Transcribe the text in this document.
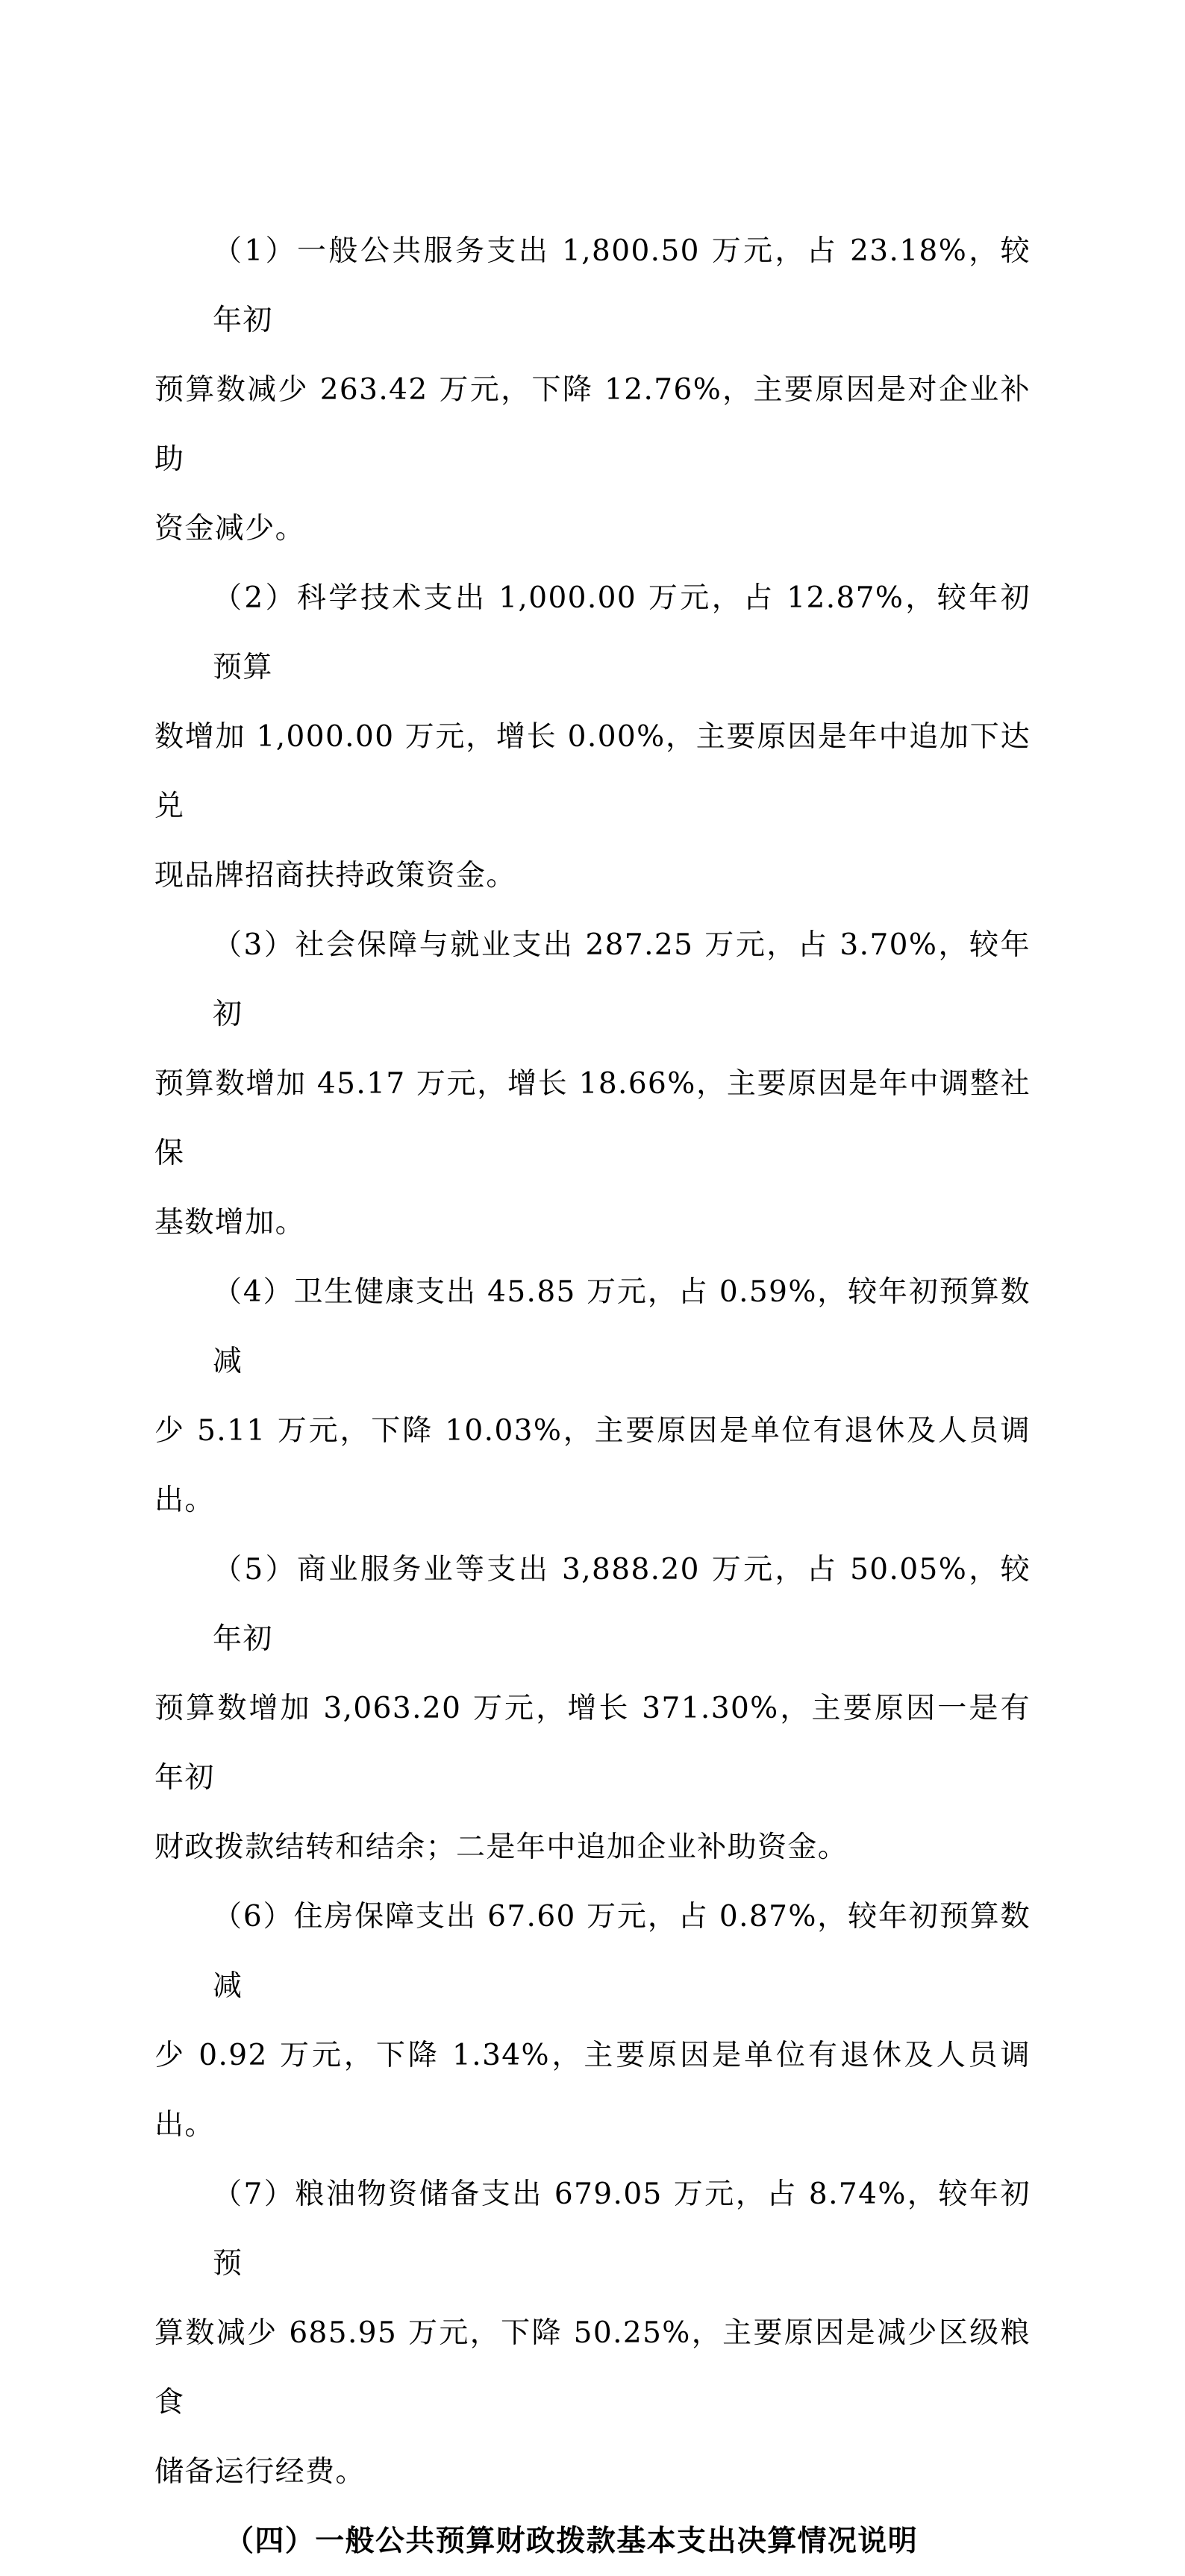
（1）一般公共服务支出 1,800.50 万元，占 23.18%，较年初
预算数减少 263.42 万元，下降 12.76%，主要原因是对企业补助
资金减少。
（2）科学技术支出 1,000.00 万元，占 12.87%，较年初预算
数增加 1,000.00 万元，增长 0.00%，主要原因是年中追加下达兑
现品牌招商扶持政策资金。
（3）社会保障与就业支出 287.25 万元，占 3.70%，较年初
预算数增加 45.17 万元，增长 18.66%，主要原因是年中调整社保
基数增加。
（4）卫生健康支出 45.85 万元，占 0.59%，较年初预算数减
少 5.11 万元，下降 10.03%，主要原因是单位有退休及人员调出。
（5）商业服务业等支出 3,888.20 万元，占 50.05%，较年初
预算数增加 3,063.20 万元，增长 371.30%，主要原因一是有年初
财政拨款结转和结余；二是年中追加企业补助资金。
（6）住房保障支出 67.60 万元，占 0.87%，较年初预算数减
少 0.92 万元，下降 1.34%，主要原因是单位有退休及人员调出。
（7）粮油物资储备支出 679.05 万元，占 8.74%，较年初预
算数减少 685.95 万元，下降 50.25%，主要原因是减少区级粮食
储备运行经费。
（四）一般公共预算财政拨款基本支出决算情况说明
